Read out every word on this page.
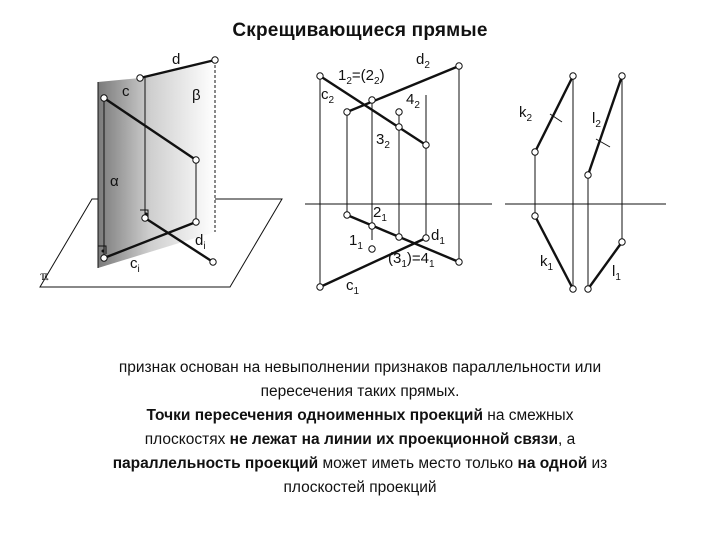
Скрещивающиеся прямые
c
d
β
α
$c_i$
$d_i$
ℼ
$1_2=(2_2)$
$d_2$
$c_2$	$4_2$
$3_2$
$2_1$
$1_1$
$d_1$
$(3_1)=4_1$
$c_1$
$k_2$	$l_2$
$k_1$	$l_1$

признак основан на невыполнении признаков параллельности или

пересечения таких прямых.

Точки пересечения одноименных проекций на смежных

плоскостях не лежат на линии их проекционной связи, а

параллельность проекций может иметь место только на одной из

плоскостей проекций
